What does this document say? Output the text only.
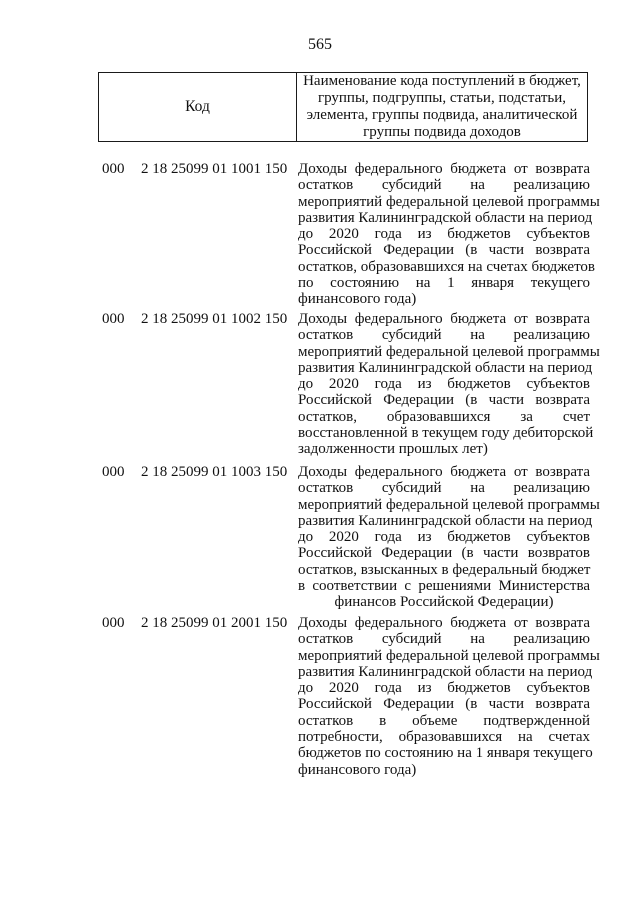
565
Код
Наименование кода поступлений в бюджет,
группы, подгруппы, статьи, подстатьи,
элемента, группы подвида, аналитической
группы подвида доходов
000 2 18 25099 01 1001 150 Доходы федерального бюджета от возврата
остатков субсидий на реализацию
мероприятий федеральной целевой программы
развития Калининградской области на период
до 2020 года из бюджетов субъектов
Российской Федерации (в части возврата
остатков, образовавшихся на счетах бюджетов
по состоянию на 1 января текущего
финансового года)
000 2 18 25099 01 1002 150 Доходы федерального бюджета от возврата
остатков субсидий на реализацию
мероприятий федеральной целевой программы
развития Калининградской области на период
до 2020 года из бюджетов субъектов
Российской Федерации (в части возврата
остатков, образовавшихся за счет
восстановленной в текущем году дебиторской
задолженности прошлых лет)
000 2 18 25099 01 1003 150 Доходы федерального бюджета от возврата
остатков субсидий на реализацию
мероприятий федеральной целевой программы
развития Калининградской области на период
до 2020 года из бюджетов субъектов
Российской Федерации (в части возвратов
остатков, взысканных в федеральный бюджет
в соответствии с решениями Министерства
финансов Российской Федерации)
000 2 18 25099 01 2001 150 Доходы федерального бюджета от возврата
остатков субсидий на реализацию
мероприятий федеральной целевой программы
развития Калининградской области на период
до 2020 года из бюджетов субъектов
Российской Федерации (в части возврата
остатков в объеме подтвержденной
потребности, образовавшихся на счетах
бюджетов по состоянию на 1 января текущего
финансового года)
